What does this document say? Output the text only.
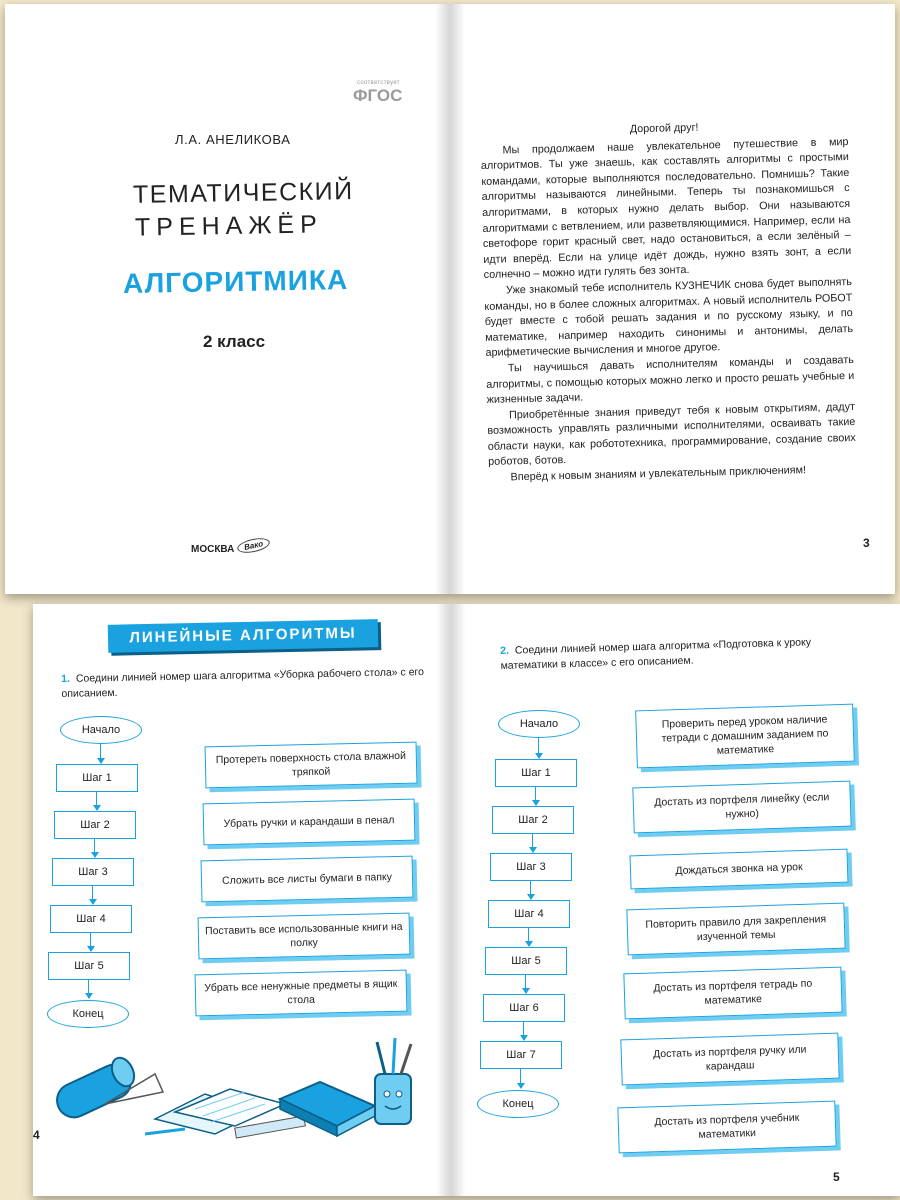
соответствует
ФГОС
Л.А. АНЕЛИКОВА
ТЕМАТИЧЕСКИЙ
ТРЕНАЖЁР
АЛГОРИТМИКА
2 класс
МОСКВА	Вако

Дорогой друг!

Мы продолжаем наше увлекательное путешествие в мир алгоритмов. Ты уже знаешь, как составлять алгоритмы с простыми командами, которые выполняются последовательно. Помнишь? Такие алгоритмы называются линейными. Теперь ты познакомишься с алгоритмами, в которых нужно делать выбор. Они называются алгоритмами с ветвлением, или разветвляющимися. Например, если на светофоре горит красный свет, надо остановиться, а если зелёный – идти вперёд. Если на улице идёт дождь, нужно взять зонт, а если солнечно – можно идти гулять без зонта.

Уже знакомый тебе исполнитель КУЗНЕЧИК снова будет выполнять команды, но в более сложных алгоритмах. А новый исполнитель РОБОТ будет вместе с тобой решать задания и по русскому языку, и по математике, например находить синонимы и антонимы, делать арифметические вычисления и многое другое.

Ты научишься давать исполнителям команды и создавать алгоритмы, с помощью которых можно легко и просто решать учебные и жизненные задачи.

Приобретённые знания приведут тебя к новым открытиям, дадут возможность управлять различными исполнителями, осваивать такие области науки, как робототехника, программирование, создание своих роботов, ботов.

Вперёд к новым знаниям и увлекательным приключениям!

3
ЛИНЕЙНЫЕ АЛГОРИТМЫ
1. Соедини линией номер шага алгоритма «Уборка рабочего стола» с его описанием.
Начало
Шаг 1
Шаг 2
Шаг 3
Шаг 4
Шаг 5
Конец
Протереть поверхность стола влажной тряпкой
Убрать ручки и карандаши в пенал
Сложить все листы бумаги в папку
Поставить все использованные книги на полку
Убрать все ненужные предметы в ящик стола
4
2. Соедини линией номер шага алгоритма «Подготовка к уроку математики в классе» с его описанием.
Начало
Шаг 1
Шаг 2
Шаг 3
Шаг 4
Шаг 5
Шаг 6
Шаг 7
Конец
Проверить перед уроком наличие тетради с домашним заданием по математике
Достать из портфеля линейку (если нужно)
Дождаться звонка на урок
Повторить правило для закрепления изученной темы
Достать из портфеля тетрадь по математике
Достать из портфеля ручку или карандаш
Достать из портфеля учебник математики
5
